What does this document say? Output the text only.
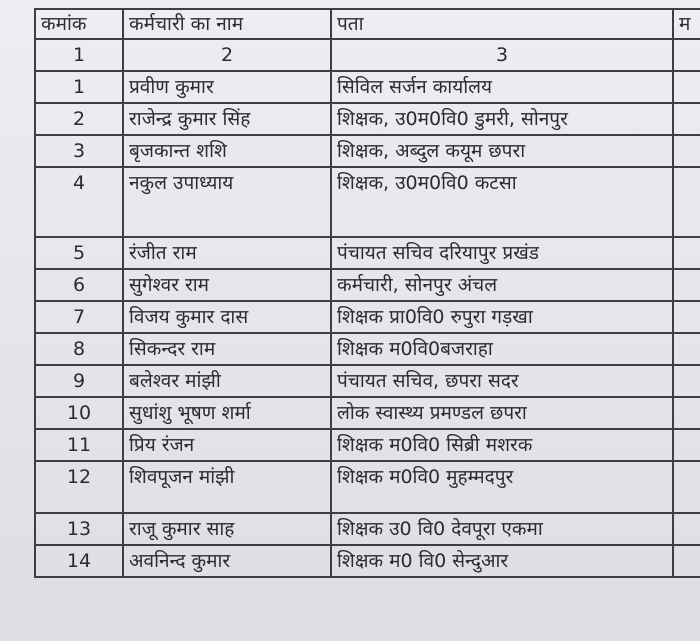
कमांक	कर्मचारी का नाम	पता	म
1	2	3	
1	प्रवीण कुमार	सिविल सर्जन कार्यालय	
2	राजेन्द्र कुमार सिंह	शिक्षक, उ0म0वि0 डुमरी, सोनपुर	
3	बृजकान्त शशि	शिक्षक, अब्दुल कयूम छपरा	
4	नकुल उपाध्याय	शिक्षक, उ0म0वि0 कटसा	
5	रंजीत राम	पंचायत सचिव दरियापुर प्रखंड	
6	सुगेश्वर राम	कर्मचारी, सोनपुर अंचल	
7	विजय कुमार दास	शिक्षक प्रा0वि0 रुपुरा गड़खा	
8	सिकन्दर राम	शिक्षक म0वि0बजराहा	
9	बलेश्वर मांझी	पंचायत सचिव, छपरा सदर	
10	सुधांशु भूषण शर्मा	लोक स्वास्थ्य प्रमण्डल छपरा	
11	प्रिय रंजन	शिक्षक म0वि0 सिब्री मशरक	
12	शिवपूजन मांझी	शिक्षक म0वि0 मुहम्मदपुर	
13	राजू कुमार साह	शिक्षक उ0 वि0 देवपूरा एकमा	
14	अवनिन्द कुमार	शिक्षक म0 वि0 सेन्दुआर	
